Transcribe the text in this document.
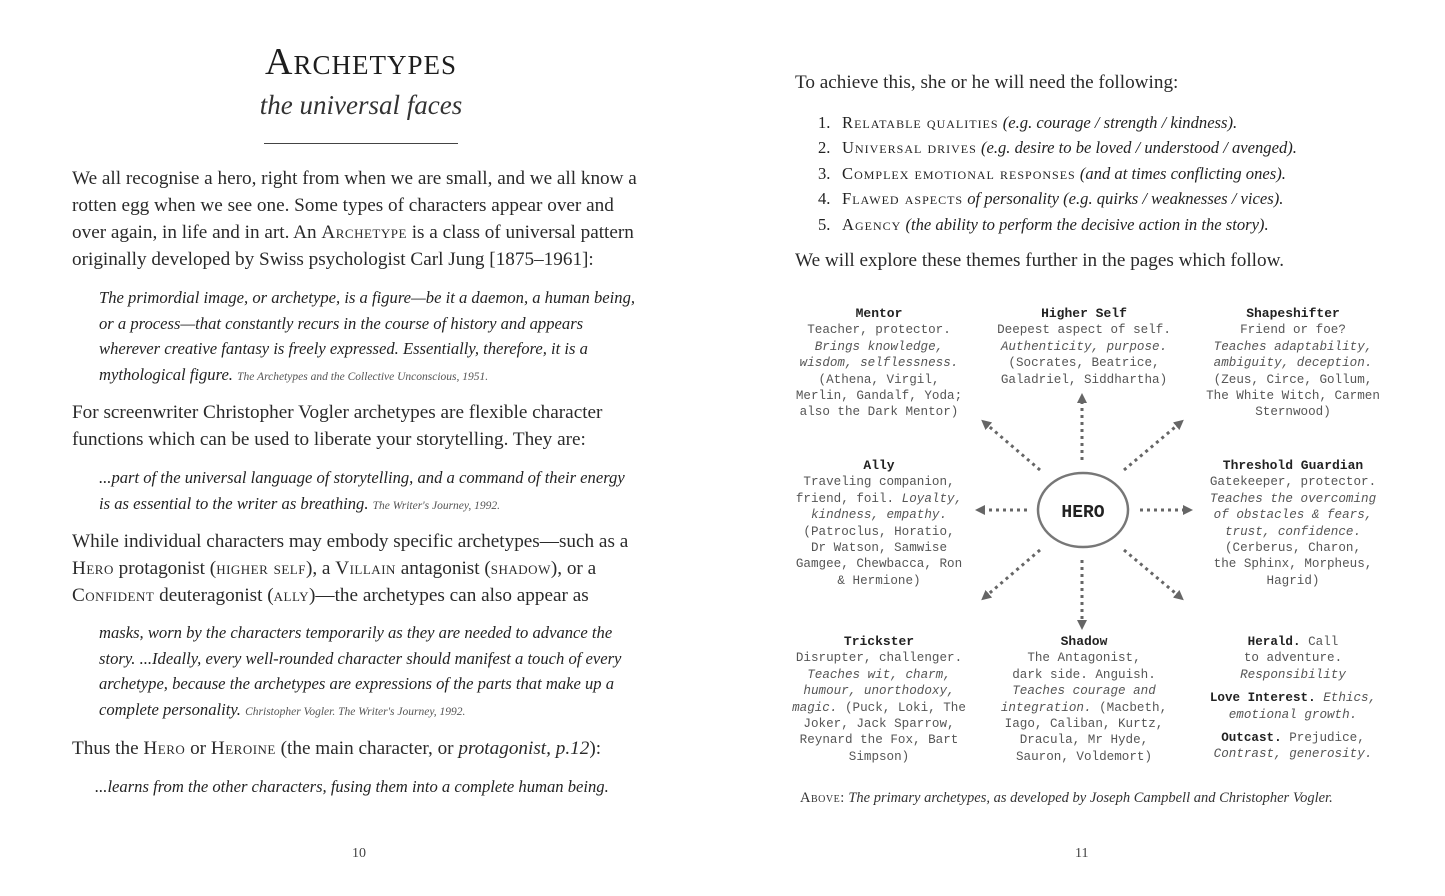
Archetypes
the universal faces

We all recognise a hero, right from when we are small, and we all know a rotten egg when we see one. Some types of characters appear over and over again, in life and in art. An Archetype is a class of universal pattern originally developed by Swiss psychologist Carl Jung [1875–1961]:

The primordial image, or archetype, is a figure—be it a daemon, a human being, or a process—that constantly recurs in the course of history and appears wherever creative fantasy is freely expressed. Essentially, therefore, it is a mythological figure. The Archetypes and the Collective Unconscious, 1951.

For screenwriter Christopher Vogler archetypes are flexible character functions which can be used to liberate your storytelling. They are:

...part of the universal language of storytelling, and a command of their energy is as essential to the writer as breathing. The Writer's Journey, 1992.

While individual characters may embody specific archetypes—such as a Hero protagonist (higher self), a Villain antagonist (shadow), or a Confident deuteragonist (ally)—the archetypes can also appear as

masks, worn by the characters temporarily as they are needed to advance the story. ...Ideally, every well-rounded character should manifest a touch of every archetype, because the archetypes are expressions of the parts that make up a complete personality. Christopher Vogler. The Writer's Journey, 1992.

Thus the Hero or Heroine (the main character, or protagonist, p.12):

...learns from the other characters, fusing them into a complete human being.

10

To achieve this, she or he will need the following:

1. Relatable qualities (e.g. courage / strength / kindness).
2. Universal drives (e.g. desire to be loved / understood / avenged).
3. Complex emotional responses (and at times conflicting ones).
4. Flawed aspects of personality (e.g. quirks / weaknesses / vices).
5. Agency (the ability to perform the decisive action in the story).

We will explore these themes further in the pages which follow.

HERO
Mentor
Teacher, protector.
Brings knowledge,
wisdom, selflessness.
(Athena, Virgil,
Merlin, Gandalf, Yoda;
also the Dark Mentor)
Higher Self
Deepest aspect of self.
Authenticity, purpose.
(Socrates, Beatrice,
Galadriel, Siddhartha)
Shapeshifter
Friend or foe?
Teaches adaptability,
ambiguity, deception.
(Zeus, Circe, Gollum,
The White Witch, Carmen
Sternwood)
Ally
Traveling companion,
friend, foil. Loyalty,
kindness, empathy.
(Patroclus, Horatio,
Dr Watson, Samwise
Gamgee, Chewbacca, Ron
& Hermione)
Threshold Guardian
Gatekeeper, protector.
Teaches the overcoming
of obstacles & fears,
trust, confidence.
(Cerberus, Charon,
the Sphinx, Morpheus,
Hagrid)
Trickster
Disrupter, challenger.
Teaches wit, charm,
humour, unorthodoxy,
magic. (Puck, Loki, The
Joker, Jack Sparrow,
Reynard the Fox, Bart
Simpson)
Shadow
The Antagonist,
dark side. Anguish.
Teaches courage and
integration. (Macbeth,
Iago, Caliban, Kurtz,
Dracula, Mr Hyde,
Sauron, Voldemort)
Herald. Call
to adventure.
Responsibility
Love Interest. Ethics,
emotional growth.
Outcast. Prejudice,
Contrast, generosity.
Above: The primary archetypes, as developed by Joseph Campbell and Christopher Vogler.
11
